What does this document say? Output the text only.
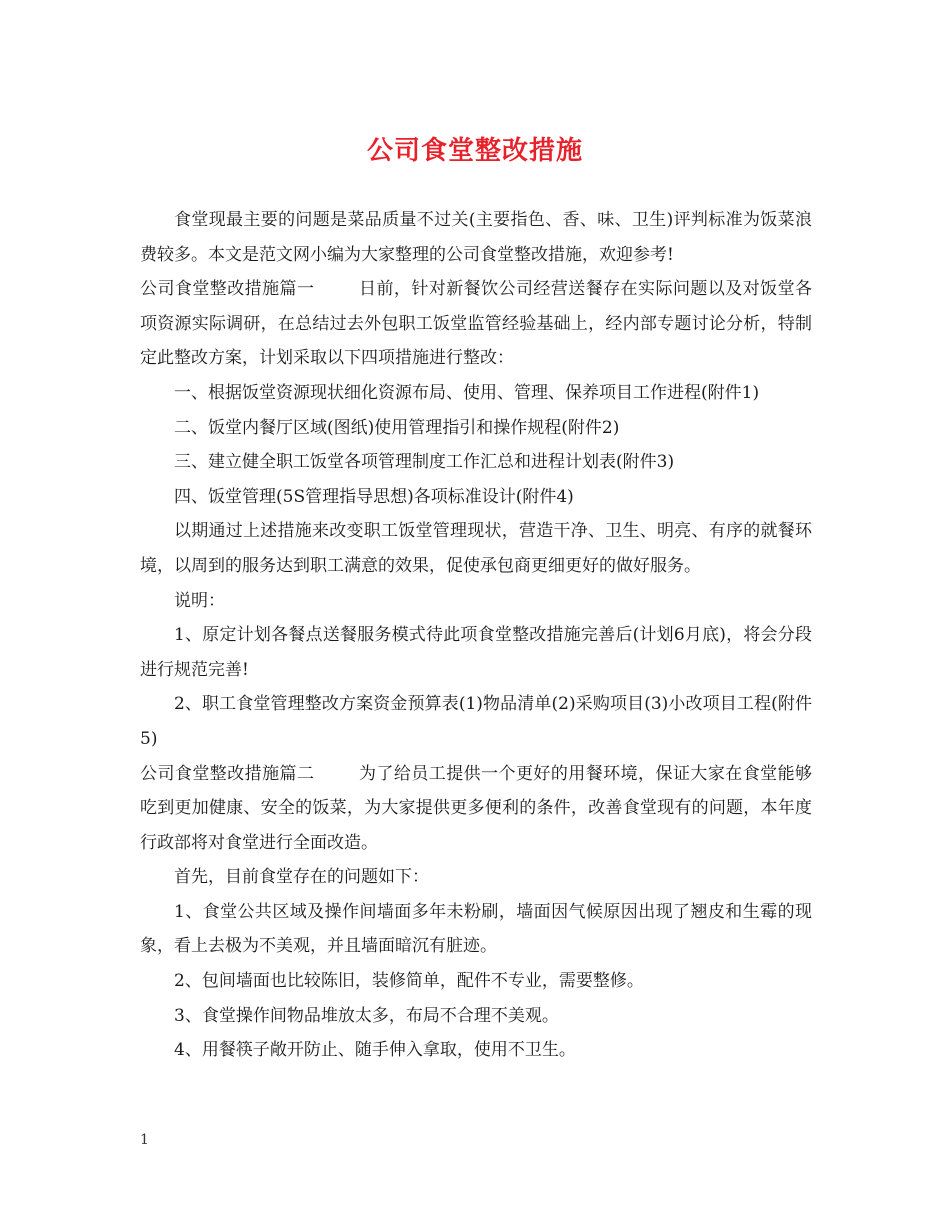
公司食堂整改措施

食堂现最主要的问题是菜品质量不过关(主要指色、香、味、卫生)评判标准为饭菜浪费较多。本文是范文网小编为大家整理的公司食堂整改措施，欢迎参考!

公司食堂整改措施篇一	日前，针对新餐饮公司经营送餐存在实际问题以及对饭堂各项资源实际调研，在总结过去外包职工饭堂监管经验基础上，经内部专题讨论分析，特制定此整改方案，计划采取以下四项措施进行整改：

一、根据饭堂资源现状细化资源布局、使用、管理、保养项目工作进程(附件1)

二、饭堂内餐厅区域(图纸)使用管理指引和操作规程(附件2)

三、建立健全职工饭堂各项管理制度工作汇总和进程计划表(附件3)

四、饭堂管理(5S管理指导思想)各项标准设计(附件4)

以期通过上述措施来改变职工饭堂管理现状，营造干净、卫生、明亮、有序的就餐环境，以周到的服务达到职工满意的效果，促使承包商更细更好的做好服务。

说明：

1、原定计划各餐点送餐服务模式待此项食堂整改措施完善后(计划6月底)，将会分段进行规范完善!

2、职工食堂管理整改方案资金预算表(1)物品清单(2)采购项目(3)小改项目工程(附件5)

公司食堂整改措施篇二	为了给员工提供一个更好的用餐环境，保证大家在食堂能够吃到更加健康、安全的饭菜，为大家提供更多便利的条件，改善食堂现有的问题，本年度行政部将对食堂进行全面改造。

首先，目前食堂存在的问题如下：

1、食堂公共区域及操作间墙面多年未粉刷，墙面因气候原因出现了翘皮和生霉的现象，看上去极为不美观，并且墙面暗沉有脏迹。

2、包间墙面也比较陈旧，装修简单，配件不专业，需要整修。

3、食堂操作间物品堆放太多，布局不合理不美观。

4、用餐筷子敞开防止、随手伸入拿取，使用不卫生。

1
